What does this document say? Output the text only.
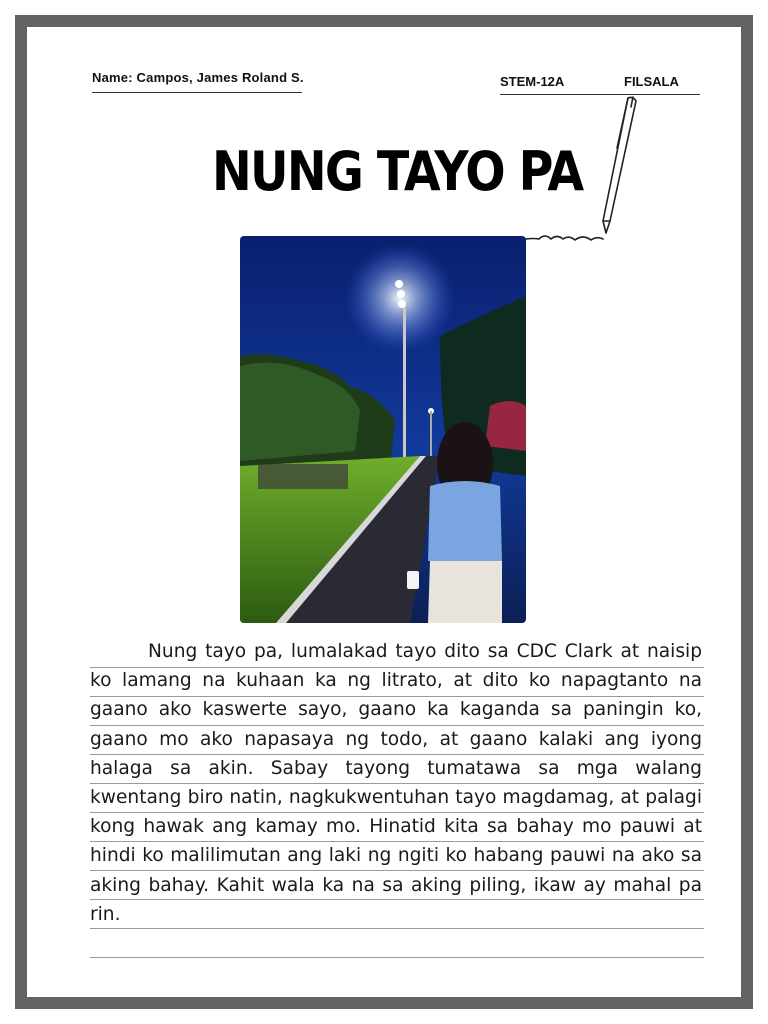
Name: Campos, James Roland S.	STEM-12A	FILSALA
NUNG TAYO PA

Nung tayo pa, lumalakad tayo dito sa CDC Clark at naisip ko lamang na kuhaan ka ng litrato, at dito ko napagtanto na gaano ako kaswerte sayo, gaano ka kaganda sa paningin ko, gaano mo ako napasaya ng todo, at gaano kalaki ang iyong halaga sa akin. Sabay tayong tumatawa sa mga walang kwentang biro natin, nagkukwentuhan tayo magdamag, at palagi kong hawak ang kamay mo. Hinatid kita sa bahay mo pauwi at hindi ko malilimutan ang laki ng ngiti ko habang pauwi na ako sa aking bahay. Kahit wala ka na sa aking piling, ikaw ay mahal pa rin.
